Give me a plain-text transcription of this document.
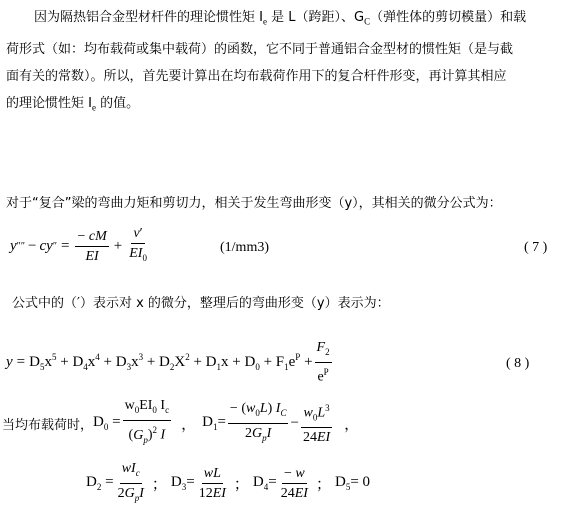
因为隔热铝合金型材杆件的理论惯性矩 $I_e$ 是 L（跨距）、$G_C$（弹性体的剪切模量）和载
荷形式（如：均布载荷或集中载荷）的函数，它不同于普通铝合金型材的惯性矩（是与截
面有关的常数）。所以，首先要计算出在均布载荷作用下的复合杆件形变，再计算其相应
的理论惯性矩 $I_e$ 的值。
对于“复合”梁的弯曲力矩和剪切力，相关于发生弯曲形变（y），其相关的微分公式为：
y ″″ − cy ″ = $\frac{- cM}{EI} + \frac{v'}{EI_0}$	(1/mm3)	( 7 )
公式中的（′）表示对 x 的微分，整理后的弯曲形变（y）表示为：
$y = D_5x^5 + D_4x^4 + D_3x^3 + D_2X^2 + D_1x + D_0 + F_1e^P + \frac{F_2}{e^P}$	( 8 )
当均布载荷时， $D_0 = \frac{w_0EI_0 I_c}{(G_p)^2 I}$ ， $D_1= \frac{- (w_0L) I_C}{2G_pI} - \frac{w_0L^3}{24EI}$ ，
$D_2 = \frac{wI_c}{2G_pI}$ ； $D_3= \frac{wL}{12EI}$ ； $D_4= \frac{- w}{24EI}$ ； $D_5= 0$
